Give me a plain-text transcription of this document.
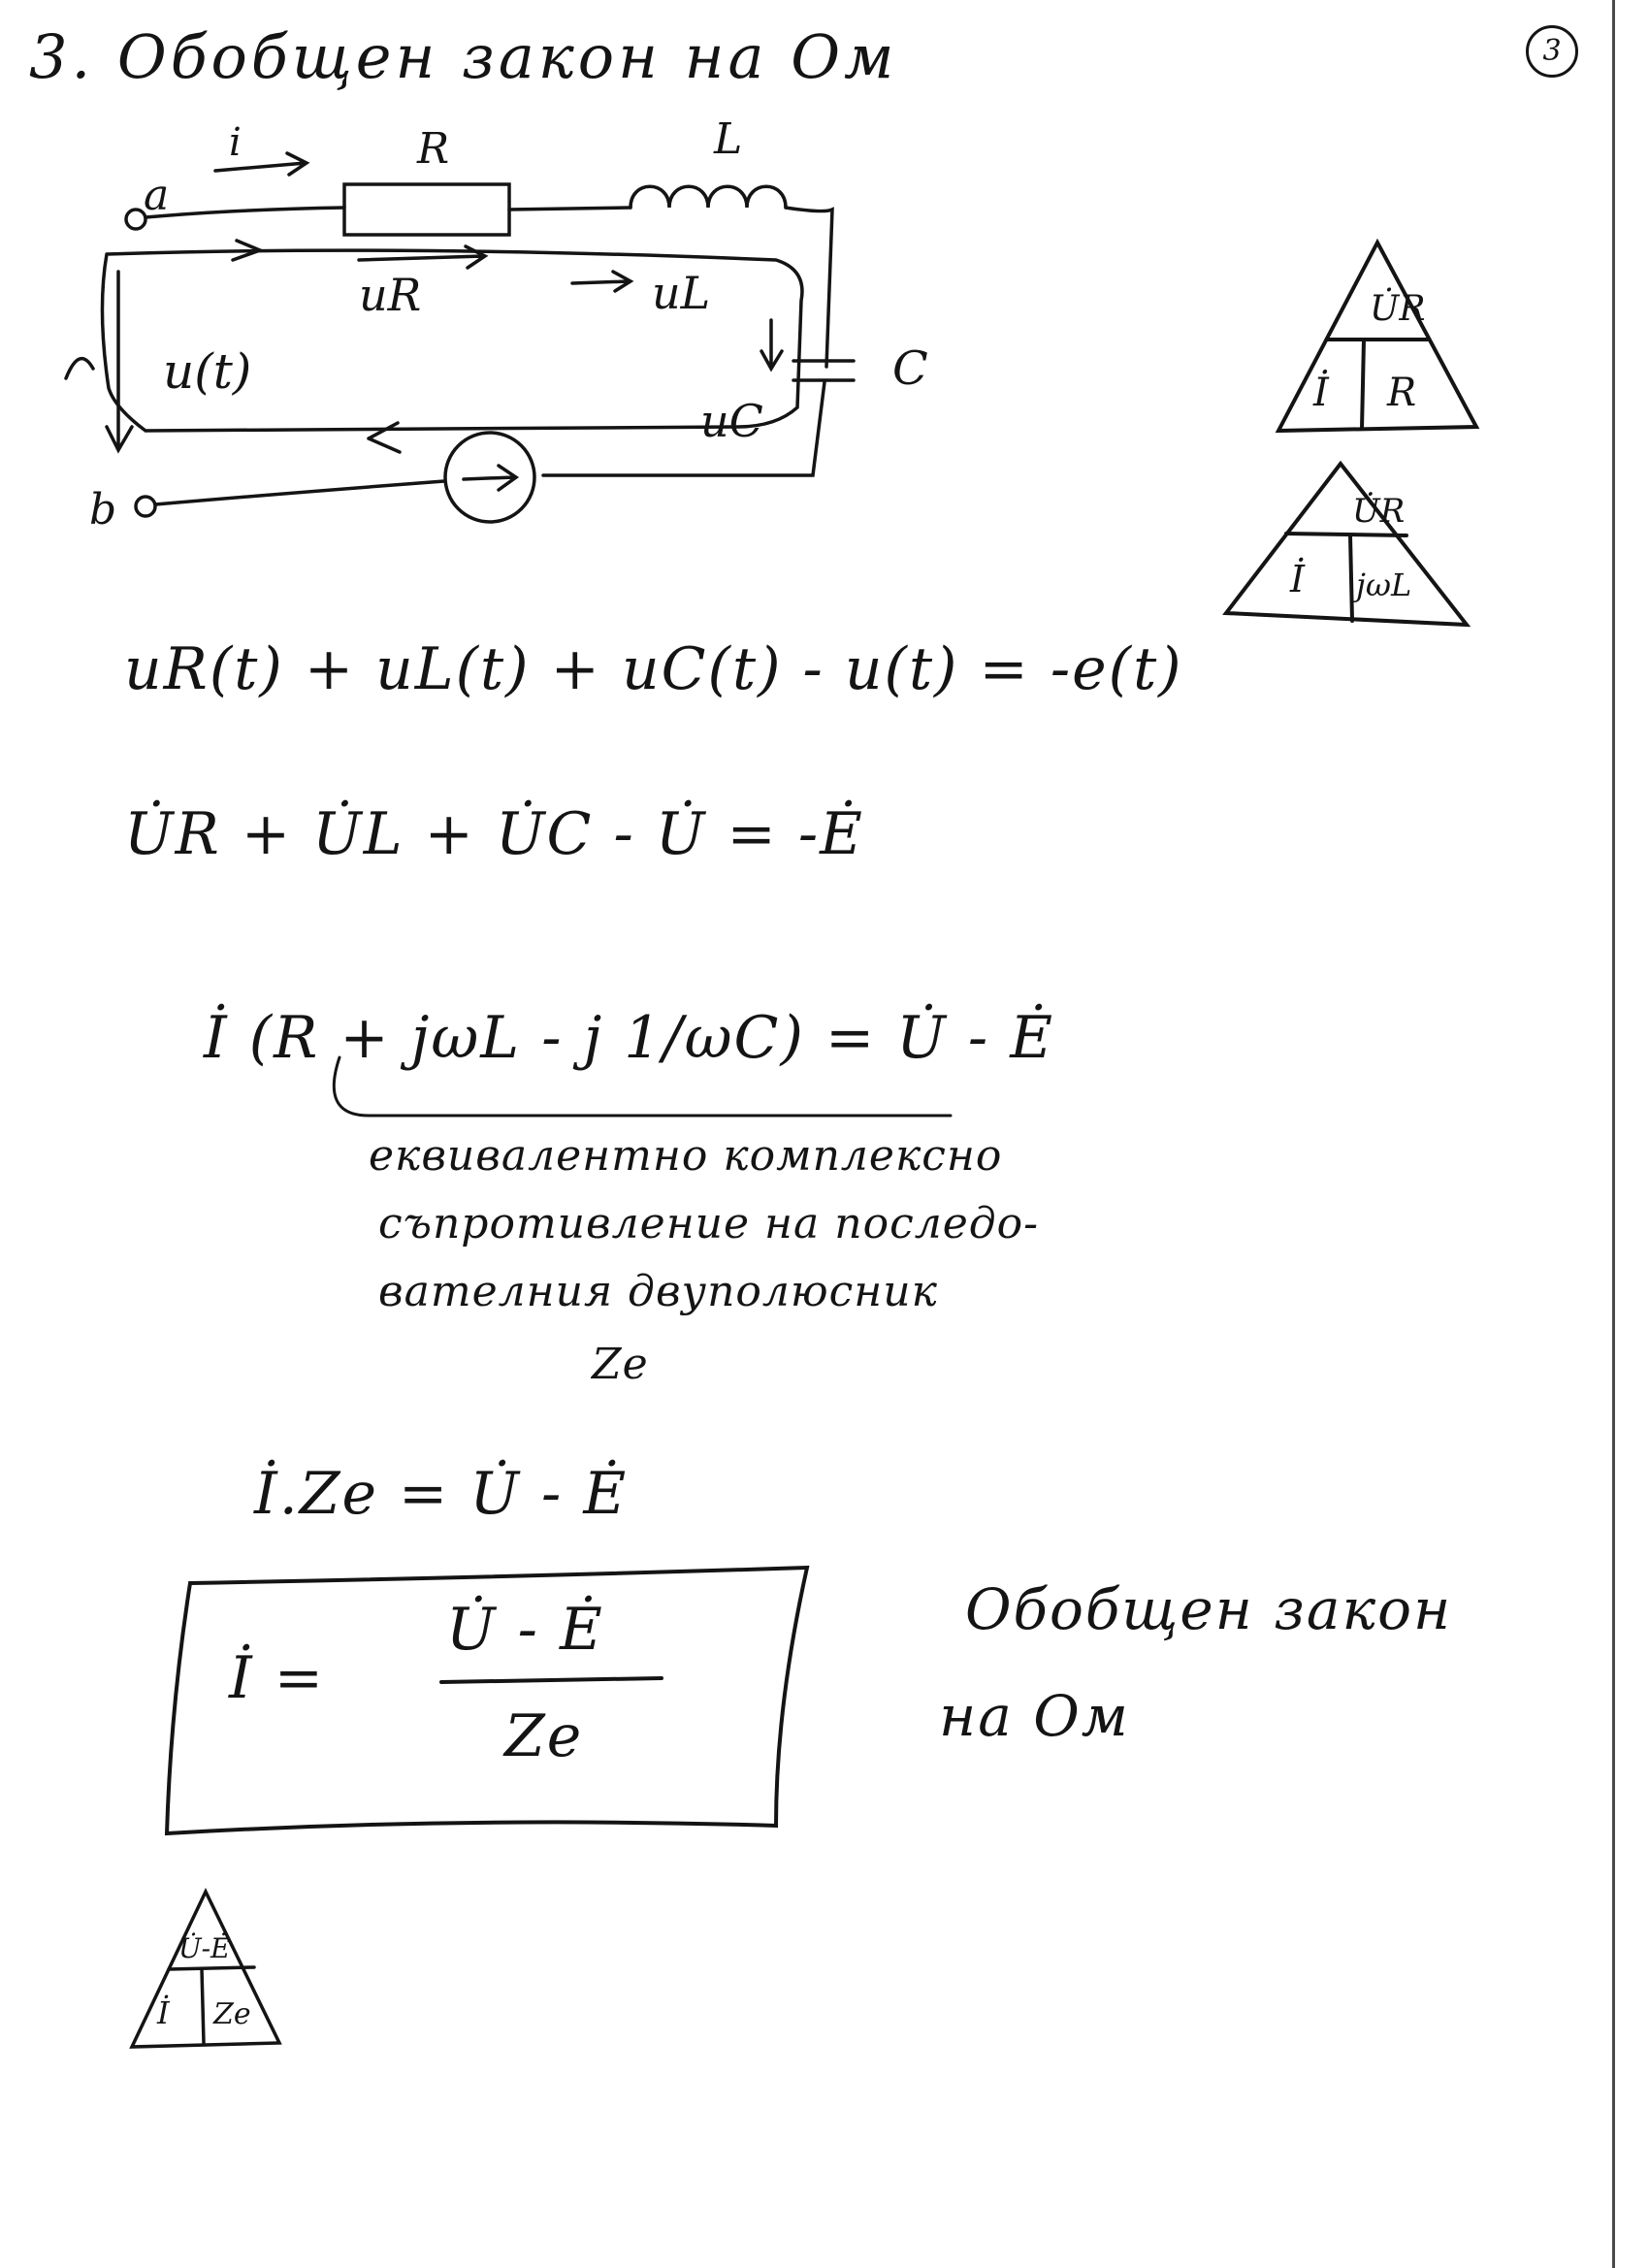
3. Обобщен закон на Ом	3
a
b
i	R	L
C
uR	uL
uC
u(t)
U̇R
İ R
U̇R
İ jωL
uR(t) + uL(t) + uC(t) - u(t) = -e(t)
U̇R + U̇L + U̇C - U̇ = -Ė
İ (R + jωL - j 1/ωC) = U̇ - Ė
еквивалентно комплексно
съпротивление на последо-
вателния двуполюсник
Ze
İ.Ze = U̇ - Ė
İ =
U̇ - Ė
Ze
Обобщен закон
на Ом
U̇-Ė
İ Ze
